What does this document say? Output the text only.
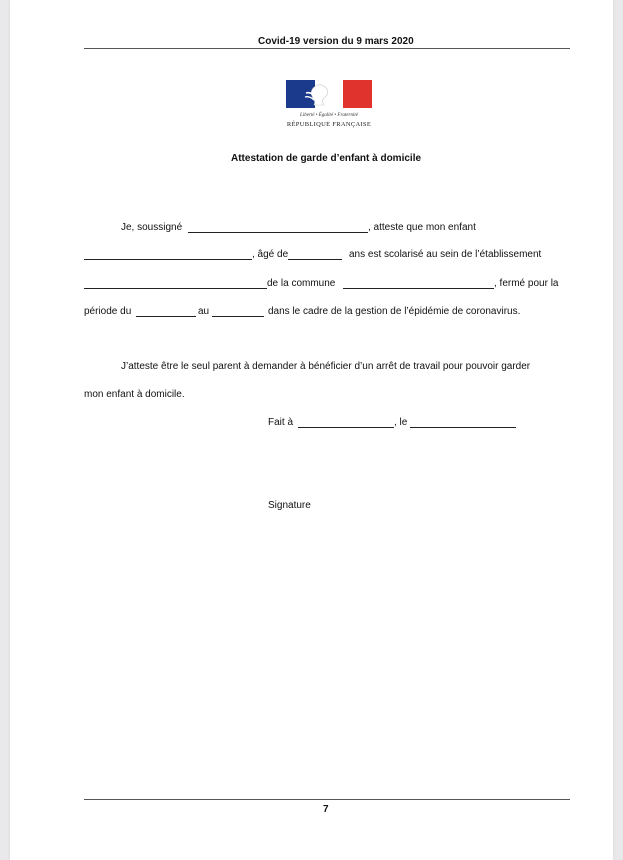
Covid-19 version du 9 mars 2020
Liberté • Égalité • Fraternité
RÉPUBLIQUE FRANÇAISE
Attestation de garde d’enfant à domicile
Je, soussigné	, atteste que mon enfant
, âgé de	ans est scolarisé au sein de l’établissement
de la commune	, fermé pour la
période du	au	dans le cadre de la gestion de l’épidémie de coronavirus.
J’atteste être le seul parent à demander à bénéficier d’un arrêt de travail pour pouvoir garder
mon enfant à domicile.
Fait à	, le
Signature
7
